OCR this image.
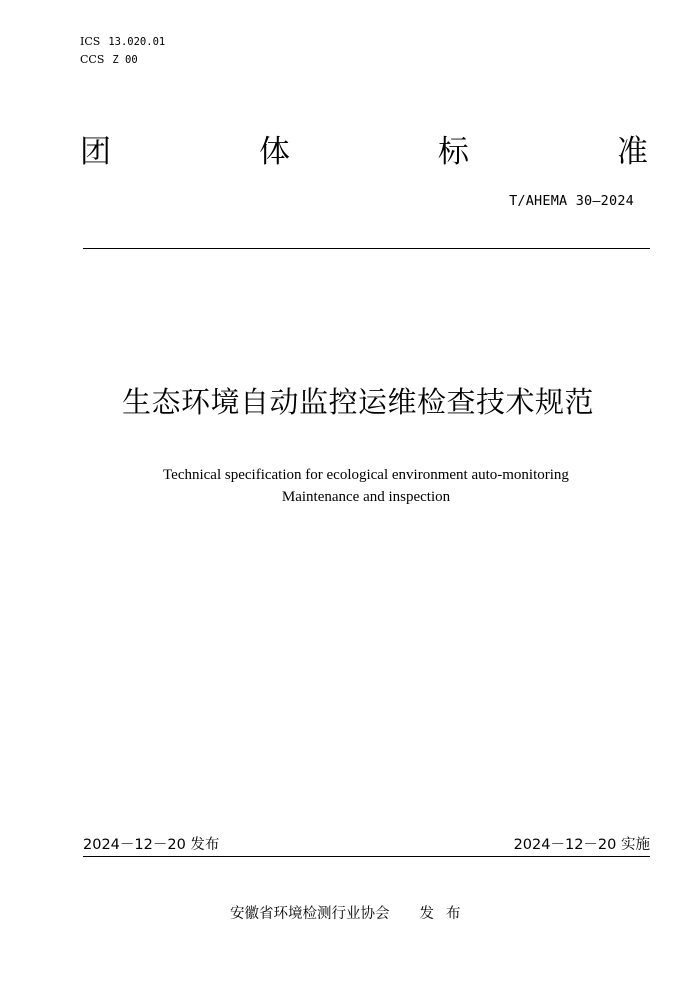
ICS 13.020.01
CCS Z 00
团	体	标	准
T/AHEMA 30—2024
生态环境自动监控运维检查技术规范
Technical specification for ecological environment auto-monitoring
Maintenance and inspection
2024－12－20 发布	2024－12－20 实施
安徽省环境检测行业协会 发布
